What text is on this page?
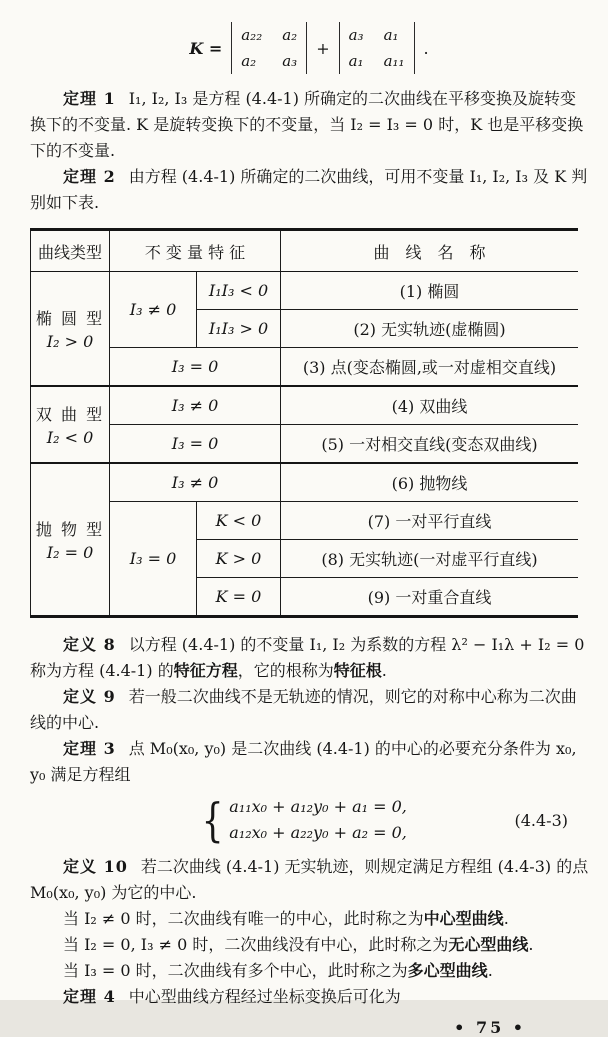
K =
a₂₂ a₂
a₂ a₃
+
a₃ a₁
a₁ a₁₁
.
定理 1 I₁, I₂, I₃ 是方程 (4.4-1) 所确定的二次曲线在平移变换及旋转变
换下的不变量. K 是旋转变换下的不变量，当 I₂ = I₃ = 0 时，K 也是平移变换
下的不变量.
定理 2 由方程 (4.4-1) 所确定的二次曲线，可用不变量 I₁, I₂, I₃ 及 K 判
别如下表.
曲线类型	不 变 量 特 征		曲　线　名　称

椭 圆 型
I₂ > 0	I₃ ≠ 0	I₁I₃ < 0	(1) 椭圆
		I₁I₃ > 0	(2) 无实轨迹(虚椭圆)
	I₃ = 0		(3) 点(变态椭圆,或一对虚相交直线)

双 曲 型
I₂ < 0	I₃ ≠ 0		(4) 双曲线
	I₃ = 0		(5) 一对相交直线(变态双曲线)

抛 物 型
I₂ = 0	I₃ ≠ 0		(6) 抛物线
	I₃ = 0	K < 0	(7) 一对平行直线
		K > 0	(8) 无实轨迹(一对虚平行直线)
		K = 0	(9) 一对重合直线
定义 8 以方程 (4.4-1) 的不变量 I₁, I₂ 为系数的方程 λ² − I₁λ + I₂ = 0
称为方程 (4.4-1) 的特征方程，它的根称为特征根.
定义 9 若一般二次曲线不是无轨迹的情况，则它的对称中心称为二次曲
线的中心.
定理 3 点 M₀(x₀, y₀) 是二次曲线 (4.4-1) 的中心的必要充分条件为 x₀,
y₀ 满足方程组
{ a₁₁x₀ + a₁₂y₀ + a₁ = 0,
a₁₂x₀ + a₂₂y₀ + a₂ = 0,
(4.4-3)
定义 10 若二次曲线 (4.4-1) 无实轨迹，则规定满足方程组 (4.4-3) 的点
M₀(x₀, y₀) 为它的中心.
当 I₂ ≠ 0 时，二次曲线有唯一的中心，此时称之为中心型曲线.
当 I₂ = 0, I₃ ≠ 0 时，二次曲线没有中心，此时称之为无心型曲线.
当 I₃ = 0 时，二次曲线有多个中心，此时称之为多心型曲线.
定理 4 中心型曲线方程经过坐标变换后可化为
• 75 •
